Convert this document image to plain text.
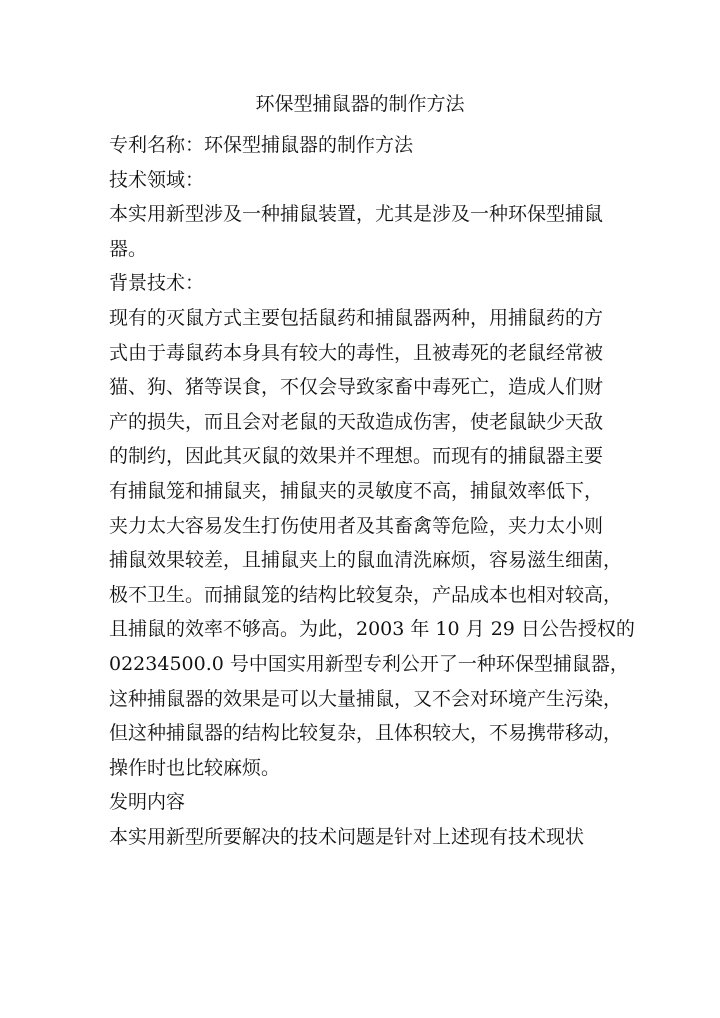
环保型捕鼠器的制作方法
专利名称：环保型捕鼠器的制作方法
技术领域：
本实用新型涉及一种捕鼠装置，尤其是涉及一种环保型捕鼠
器。
背景技术：
现有的灭鼠方式主要包括鼠药和捕鼠器两种，用捕鼠药的方
式由于毒鼠药本身具有较大的毒性，且被毒死的老鼠经常被
猫、狗、猪等误食，不仅会导致家畜中毒死亡，造成人们财
产的损失，而且会对老鼠的天敌造成伤害，使老鼠缺少天敌
的制约，因此其灭鼠的效果并不理想。而现有的捕鼠器主要
有捕鼠笼和捕鼠夹，捕鼠夹的灵敏度不高，捕鼠效率低下，
夹力太大容易发生打伤使用者及其畜禽等危险，夹力太小则
捕鼠效果较差，且捕鼠夹上的鼠血清洗麻烦，容易滋生细菌，
极不卫生。而捕鼠笼的结构比较复杂，产品成本也相对较高，
且捕鼠的效率不够高。为此，2003 年 10 月 29 日公告授权的
02234500.0 号中国实用新型专利公开了一种环保型捕鼠器，
这种捕鼠器的效果是可以大量捕鼠，又不会对环境产生污染，
但这种捕鼠器的结构比较复杂，且体积较大，不易携带移动，
操作时也比较麻烦。
发明内容
本实用新型所要解决的技术问题是针对上述现有技术现状
